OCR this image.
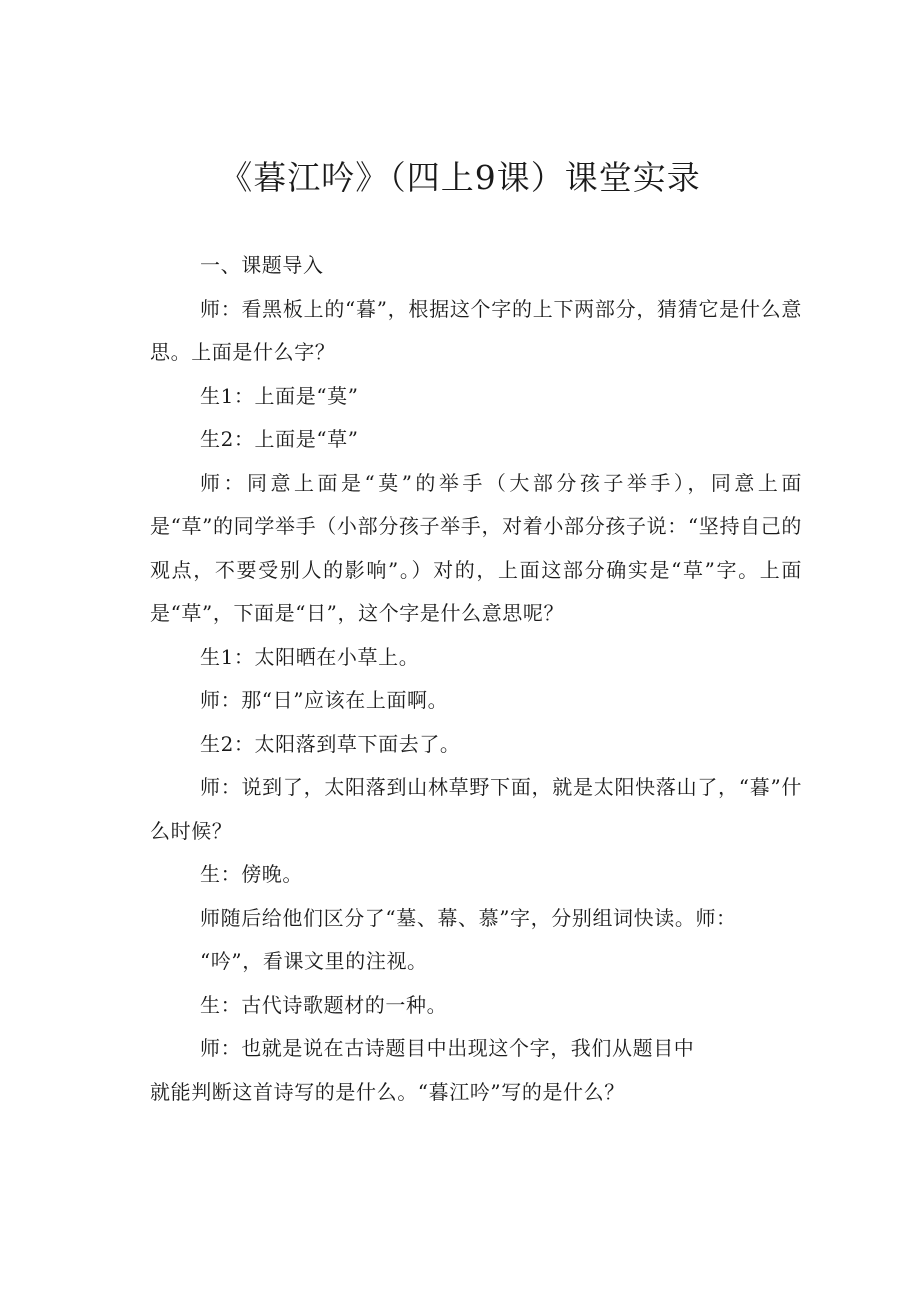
《暮江吟》（四上9课）课堂实录

一、课题导入

师：看黑板上的“暮”，根据这个字的上下两部分，猜猜它是什么意思。上面是什么字？

生1：上面是“莫”

生2：上面是“草”

师：同意上面是“莫”的举手（大部分孩子举手），同意上面是“草”的同学举手（小部分孩子举手，对着小部分孩子说：“坚持自己的观点，不要受别人的影响”。）对的，上面这部分确实是“草”字。上面是“草”，下面是“日”，这个字是什么意思呢？

生1：太阳晒在小草上。

师：那“日”应该在上面啊。

生2：太阳落到草下面去了。

师：说到了，太阳落到山林草野下面，就是太阳快落山了，“暮”什么时候？

生：傍晚。

师随后给他们区分了“墓、幕、慕”字，分别组词快读。师：

“吟”，看课文里的注视。

生：古代诗歌题材的一种。

师：也就是说在古诗题目中出现这个字，我们从题目中

就能判断这首诗写的是什么。“暮江吟”写的是什么？
